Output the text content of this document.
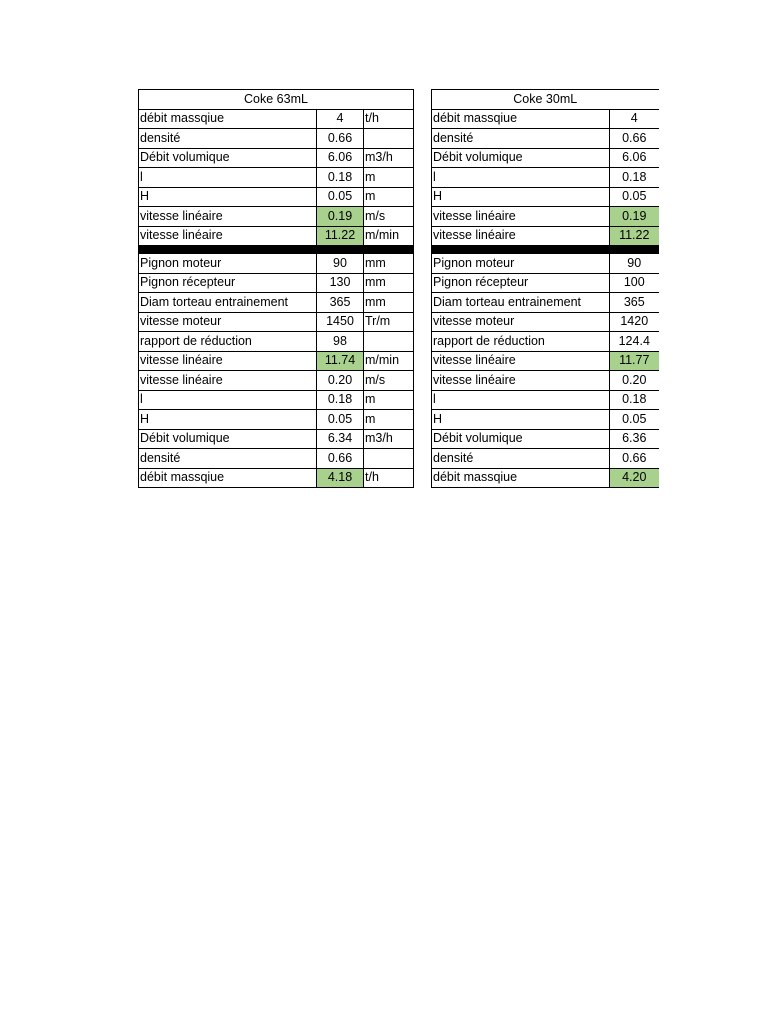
Coke 63mL		
débit massqiue	4	t/h
densité	0.66	
Débit volumique	6.06	m3/h
l	0.18	m
H	0.05	m
vitesse linéaire	0.19	m/s
vitesse linéaire	11.22	m/min

Pignon moteur	90	mm
Pignon récepteur	130	mm
Diam torteau entrainement	365	mm
vitesse moteur	1450	Tr/m
rapport de réduction	98	
vitesse linéaire	11.74	m/min
vitesse linéaire	0.20	m/s
l	0.18	m
H	0.05	m
Débit volumique	6.34	m3/h
densité	0.66	
débit massqiue	4.18	t/h
Coke 30mL	
débit massqiue	4
densité	0.66
Débit volumique	6.06
l	0.18
H	0.05
vitesse linéaire	0.19
vitesse linéaire	11.22

Pignon moteur	90
Pignon récepteur	100
Diam torteau entrainement	365
vitesse moteur	1420
rapport de réduction	124.4
vitesse linéaire	11.77
vitesse linéaire	0.20
l	0.18
H	0.05
Débit volumique	6.36
densité	0.66
débit massqiue	4.20
